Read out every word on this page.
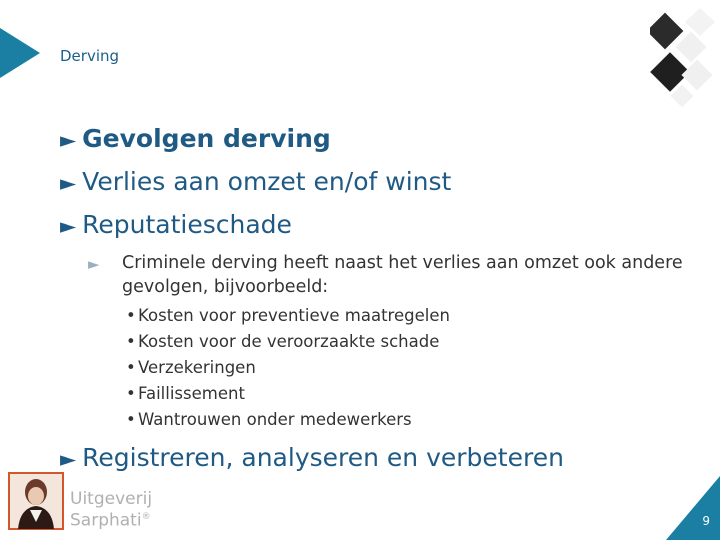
Derving
► Gevolgen derving
► Verlies aan omzet en/of winst
► Reputatieschade
►	Criminele derving heeft naast het verlies aan omzet ook andere gevolgen, bijvoorbeeld:
• Kosten voor preventieve maatregelen
• Kosten voor de veroorzaakte schade
• Verzekeringen
• Faillissement
• Wantrouwen onder medewerkers
► Registreren, analyseren en verbeteren
Uitgeverij
Sarphati®	9
